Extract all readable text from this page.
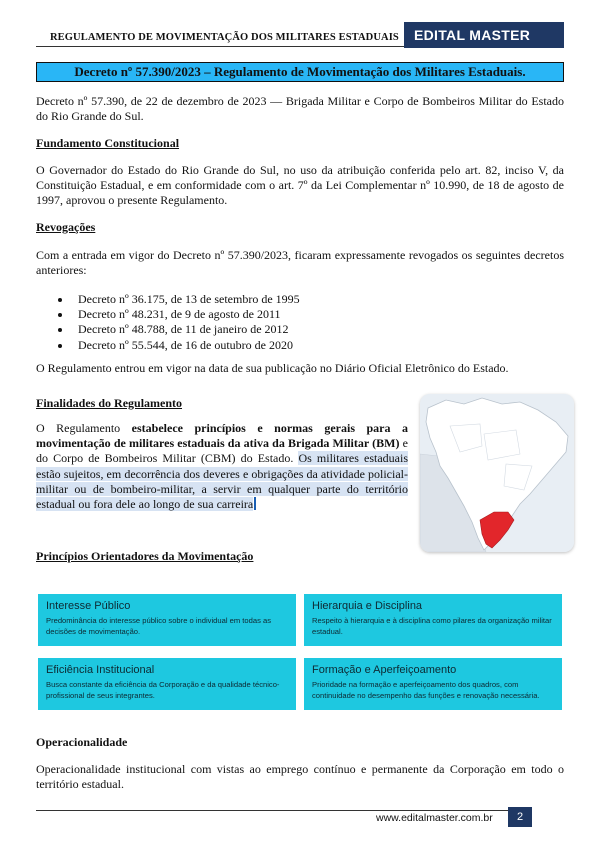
REGULAMENTO DE MOVIMENTAÇÃO DOS MILITARES ESTADUAIS	EDITAL MASTER
Decreto nº 57.390/2023 – Regulamento de Movimentação dos Militares Estaduais.
Decreto nº 57.390, de 22 de dezembro de 2023 — Brigada Militar e Corpo de Bombeiros Militar do Estado do Rio Grande do Sul.
Fundamento Constitucional
O Governador do Estado do Rio Grande do Sul, no uso da atribuição conferida pelo art. 82, inciso V, da Constituição Estadual, e em conformidade com o art. 7º da Lei Complementar nº 10.990, de 18 de agosto de 1997, aprovou o presente Regulamento.
Revogações
Com a entrada em vigor do Decreto nº 57.390/2023, ficaram expressamente revogados os seguintes decretos anteriores:
• Decreto nº 36.175, de 13 de setembro de 1995
• Decreto nº 48.231, de 9 de agosto de 2011
• Decreto nº 48.788, de 11 de janeiro de 2012
• Decreto nº 55.544, de 16 de outubro de 2020
O Regulamento entrou em vigor na data de sua publicação no Diário Oficial Eletrônico do Estado.
Finalidades do Regulamento
O Regulamento estabelece princípios e normas gerais para a movimentação de militares estaduais da ativa da Brigada Militar (BM) e do Corpo de Bombeiros Militar (CBM) do Estado. Os militares estaduais estão sujeitos, em decorrência dos deveres e obrigações da atividade policial-militar ou de bombeiro-militar, a servir em qualquer parte do território estadual ou fora dele ao longo de sua carreira
Princípios Orientadores da Movimentação
Interesse Público
Predominância do interesse público sobre o individual em todas as decisões de movimentação.
Hierarquia e Disciplina
Respeito à hierarquia e à disciplina como pilares da organização militar estadual.
Eficiência Institucional
Busca constante da eficiência da Corporação e da qualidade técnico-profissional de seus integrantes.
Formação e Aperfeiçoamento
Prioridade na formação e aperfeiçoamento dos quadros, com continuidade no desempenho das funções e renovação necessária.
Operacionalidade
Operacionalidade institucional com vistas ao emprego contínuo e permanente da Corporação em todo o território estadual.
www.editalmaster.com.br	2
